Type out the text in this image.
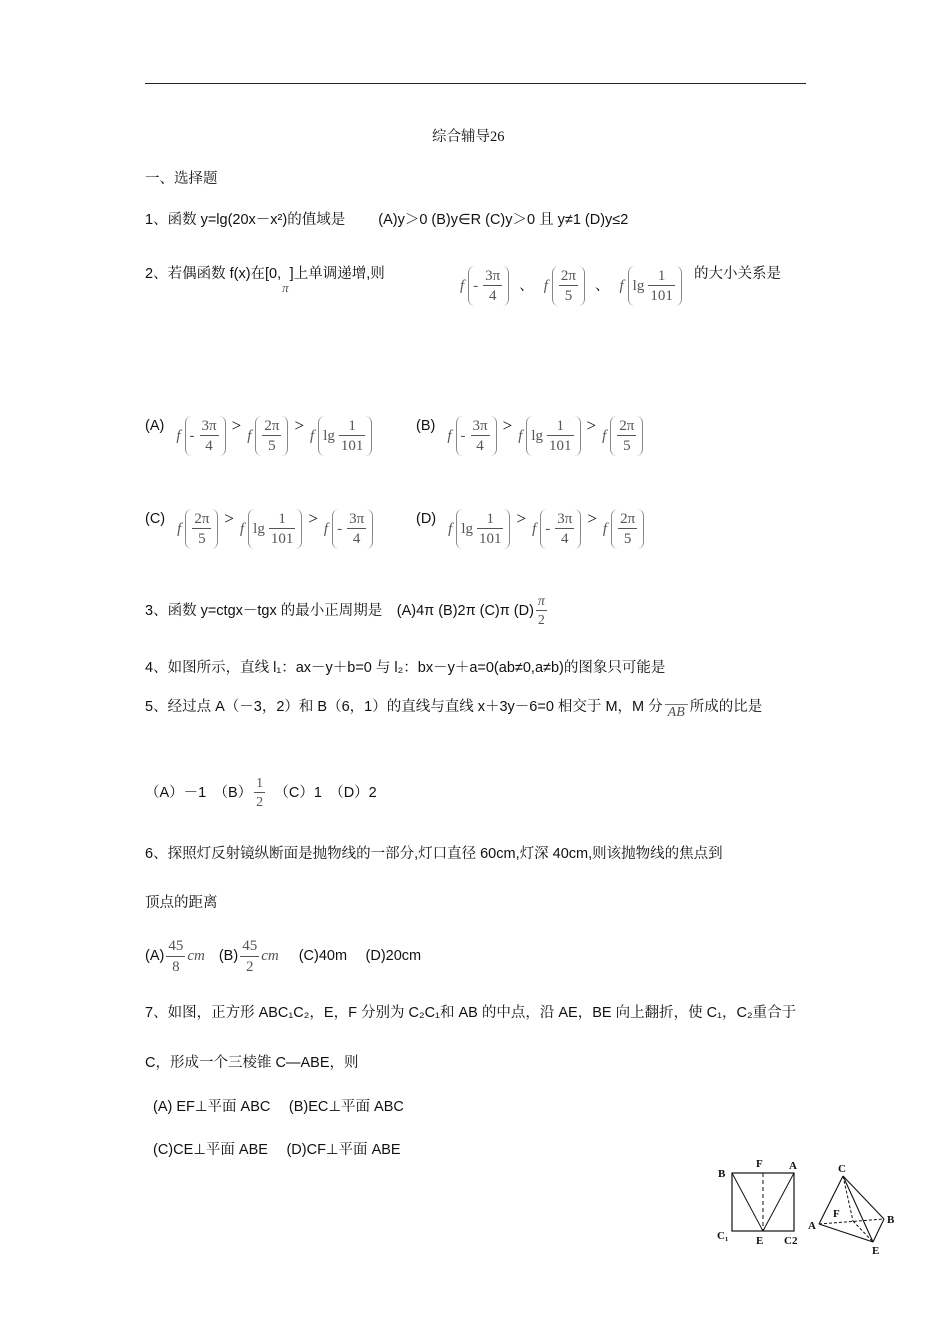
综合辅导26
一、选择题
1、函数 y=lg(20x－x²)的值域是　　 (A)y＞0 (B)y∈R (C)y＞0 且 y≠1 (D)y≤2
2、若偶函数 f(x)在[0,
π
]上单调递增,则
f - $\frac{3\pi}{4}$ 、 f $\frac{2\pi}{5}$ 、 f $\lg \frac{1}{101}$ 的大小关系是
(A)
f - $\frac{3\pi}{4}$ >
f $\frac{2\pi}{5}$ >
f $\lg \frac{1}{101}$	(B)
f - $\frac{3\pi}{4}$ >
f $\lg \frac{1}{101}$ >
f $\frac{2\pi}{5}$
(C)
f $\frac{2\pi}{5}$ >
f $\lg \frac{1}{101}$ >
f - $\frac{3\pi}{4}$	(D)
f $\lg \frac{1}{101}$ >
f - $\frac{3\pi}{4}$ >
f $\frac{2\pi}{5}$
3、函数 y=ctgx－tgx 的最小正周期是　(A)4π (B)2π (C)π $(D) \frac{\pi}{2}$
4、如图所示，直线 l₁：ax－y＋b=0 与 l₂：bx－y＋a=0(ab≠0,a≠b)的图象只可能是
5、经过点 A（－3，2）和 B（6，1）的直线与直线 x＋3y－6=0 相交于 M，M 分 AB 所成的比是
（A）－1　$(B) \frac{1}{2}$ 　（C）1　（D）2
6、探照灯反射镜纵断面是抛物线的一部分,灯口直径 60cm,灯深 40cm,则该抛物线的焦点到
顶点的距离
$(A) \frac{45}{8}$ cm $(B) \frac{45}{2}$ cm (C)40m　 (D)20cm
7、如图，正方形 ABC₁C₂，E，F 分别为 C₂C₁和 AB 的中点，沿 AE，BE 向上翻折，使 C₁，C₂重合于
C，形成一个三棱锥 C—ABE，则
(A) EF⊥平面 ABC　 (B)EC⊥平面 ABC
(C)CE⊥平面 ABE　 (D)CF⊥平面 ABE
B
F A
C₁	E C2
C
F
A	B
E
